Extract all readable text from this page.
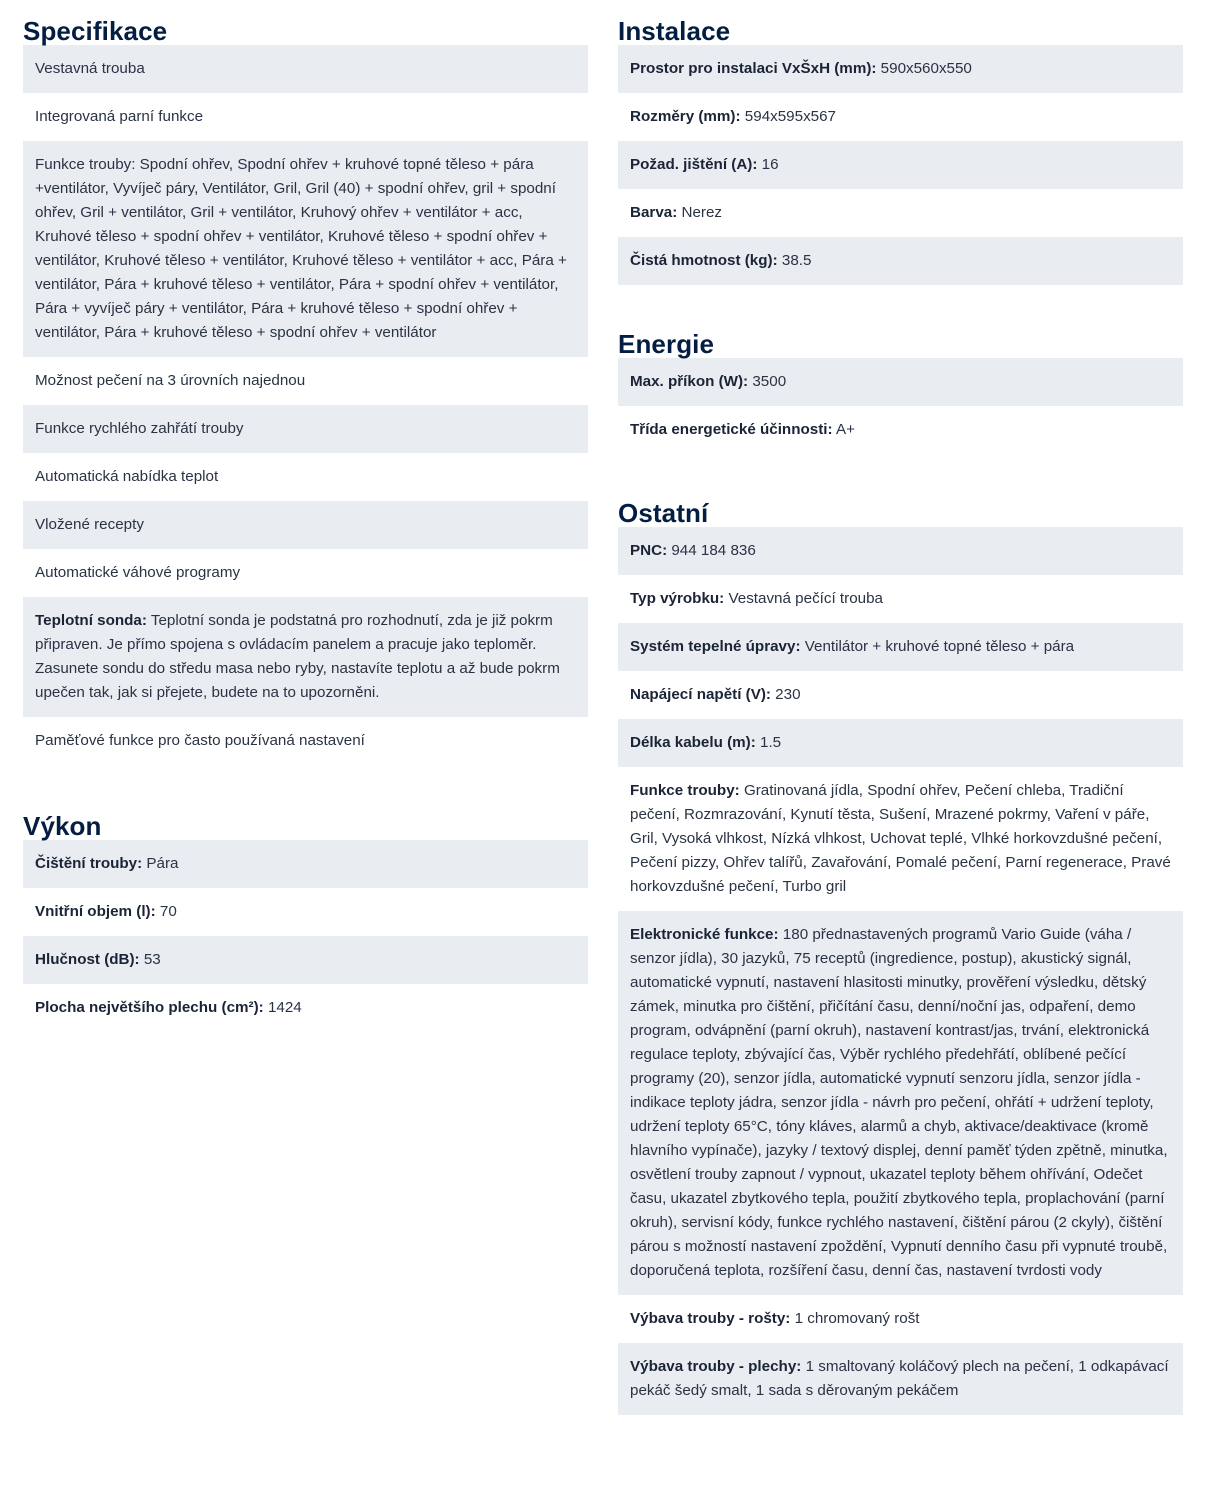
Specifikace
Vestavná trouba
Integrovaná parní funkce
Funkce trouby: Spodní ohřev, Spodní ohřev + kruhové topné těleso + pára +ventilátor, Vyvíječ páry, Ventilátor, Gril, Gril (40) + spodní ohřev, gril + spodní ohřev, Gril + ventilátor, Gril + ventilátor, Kruhový ohřev + ventilátor + acc, Kruhové těleso + spodní ohřev + ventilátor, Kruhové těleso + spodní ohřev + ventilátor, Kruhové těleso + ventilátor, Kruhové těleso + ventilátor + acc, Pára + ventilátor, Pára + kruhové těleso + ventilátor, Pára + spodní ohřev + ventilátor, Pára + vyvíječ páry + ventilátor, Pára + kruhové těleso + spodní ohřev + ventilátor, Pára + kruhové těleso + spodní ohřev + ventilátor
Možnost pečení na 3 úrovních najednou
Funkce rychlého zahřátí trouby
Automatická nabídka teplot
Vložené recepty
Automatické váhové programy
Teplotní sonda: Teplotní sonda je podstatná pro rozhodnutí, zda je již pokrm připraven. Je přímo spojena s ovládacím panelem a pracuje jako teploměr. Zasunete sondu do středu masa nebo ryby, nastavíte teplotu a až bude pokrm upečen tak, jak si přejete, budete na to upozorněni.
Paměťové funkce pro často používaná nastavení
Výkon
Čištění trouby: Pára
Vnitřní objem (l): 70
Hlučnost (dB): 53
Plocha největšího plechu (cm²): 1424
Instalace
Prostor pro instalaci VxŠxH (mm): 590x560x550
Rozměry (mm): 594x595x567
Požad. jištění (A): 16
Barva: Nerez
Čistá hmotnost (kg): 38.5
Energie
Max. příkon (W): 3500
Třída energetické účinnosti: A+
Ostatní
PNC: 944 184 836
Typ výrobku: Vestavná pečící trouba
Systém tepelné úpravy: Ventilátor + kruhové topné těleso + pára
Napájecí napětí (V): 230
Délka kabelu (m): 1.5
Funkce trouby: Gratinovaná jídla, Spodní ohřev, Pečení chleba, Tradiční pečení, Rozmrazování, Kynutí těsta, Sušení, Mrazené pokrmy, Vaření v páře, Gril, Vysoká vlhkost, Nízká vlhkost, Uchovat teplé, Vlhké horkovzdušné pečení, Pečení pizzy, Ohřev talířů, Zavařování, Pomalé pečení, Parní regenerace, Pravé horkovzdušné pečení, Turbo gril
Elektronické funkce: 180 přednastavených programů Vario Guide (váha / senzor jídla), 30 jazyků, 75 receptů (ingredience, postup), akustický signál, automatické vypnutí, nastavení hlasitosti minutky, prověření výsledku, dětský zámek, minutka pro čištění, přičítání času, denní/noční jas, odpaření, demo program, odvápnění (parní okruh), nastavení kontrast/jas, trvání, elektronická regulace teploty, zbývající čas, Výběr rychlého předehřátí, oblíbené pečící programy (20), senzor jídla, automatické vypnutí senzoru jídla, senzor jídla - indikace teploty jádra, senzor jídla - návrh pro pečení, ohřátí + udržení teploty, udržení teploty 65°C, tóny kláves, alarmů a chyb, aktivace/deaktivace (kromě hlavního vypínače), jazyky / textový displej, denní paměť týden zpětně, minutka, osvětlení trouby zapnout / vypnout, ukazatel teploty během ohřívání, Odečet času, ukazatel zbytkového tepla, použití zbytkového tepla, proplachování (parní okruh), servisní kódy, funkce rychlého nastavení, čištění párou (2 ckyly), čištění párou s možností nastavení zpoždění, Vypnutí denního času při vypnuté troubě, doporučená teplota, rozšíření času, denní čas, nastavení tvrdosti vody
Výbava trouby - rošty: 1 chromovaný rošt
Výbava trouby - plechy: 1 smaltovaný koláčový plech na pečení, 1 odkapávací pekáč šedý smalt, 1 sada s děrovaným pekáčem
